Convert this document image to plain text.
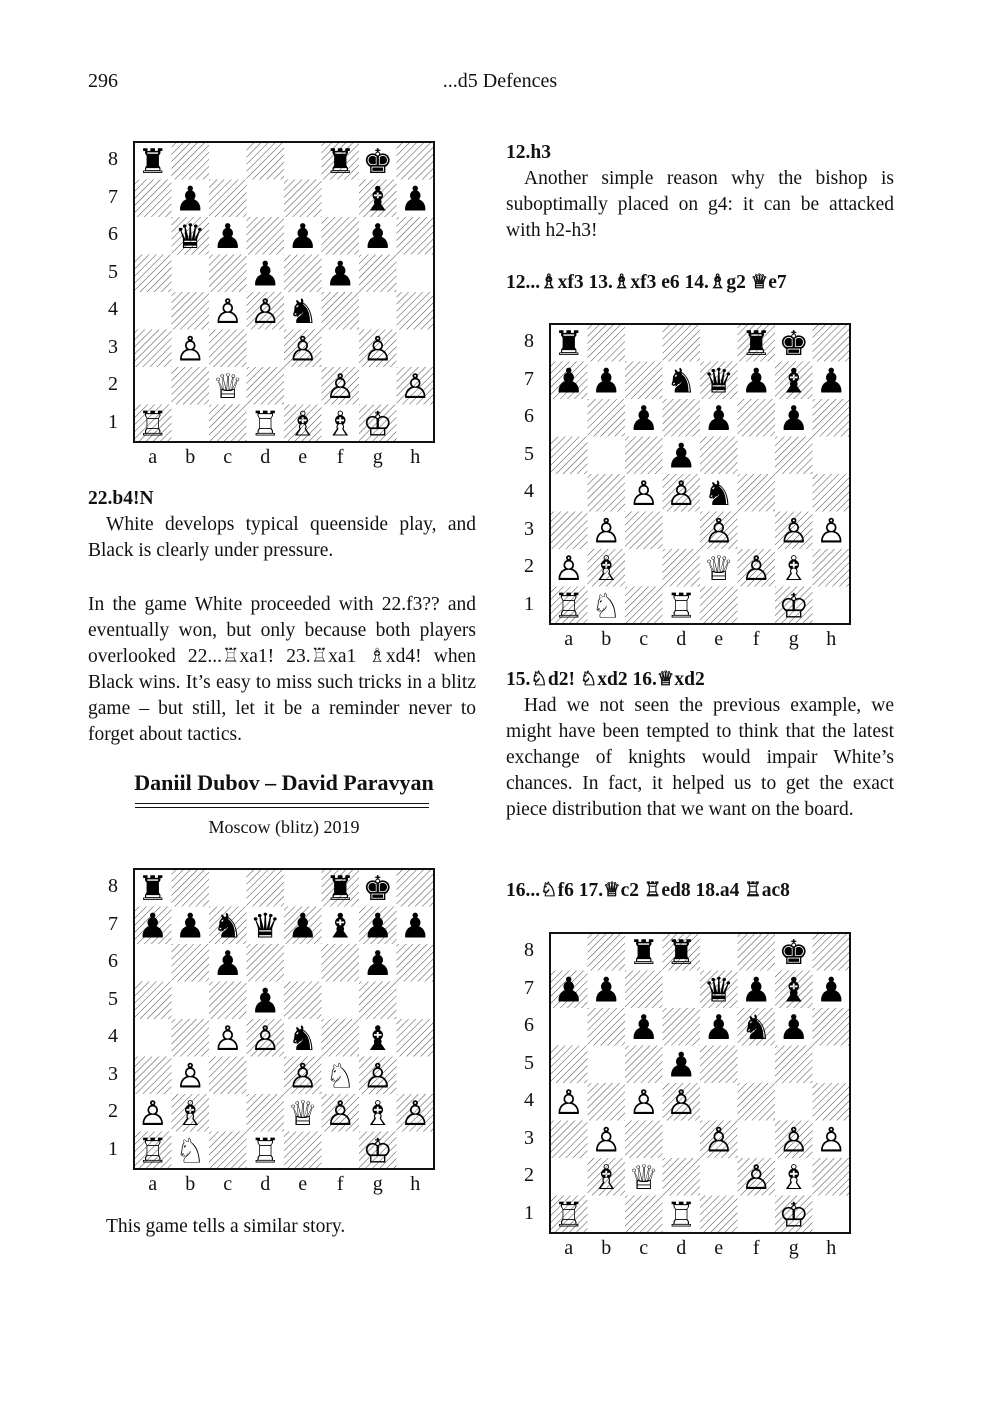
296	...d5 Defences
♜	♜ ♚
♟	♝ ♟
♛ ♟ ♟ ♟
♟ ♟
♙ ♙ ♞
♙ ♙ ♙
♕ ♙ ♙
♖ ♖ ♗ ♗ ♔
♜	♜ ♚
♟ ♟ ♞ ♛ ♟ ♝ ♟ ♟
♟	♟
♟
♙ ♙ ♞ ♝
♙ ♙ ♘ ♙
♙ ♗ ♕ ♙ ♗ ♙
♖ ♘ ♖ ♔
♜	♜ ♚
♟ ♟ ♞ ♛ ♟ ♝ ♟
♟ ♟ ♟
♟
♙ ♙ ♞
♙ ♙ ♙ ♙
♙ ♗ ♕ ♙ ♗
♖ ♘ ♖ ♔
♜ ♜ ♚
♟ ♟ ♛ ♟ ♝ ♟
♟ ♟ ♞ ♟
♟
♙ ♙ ♙
♙ ♙ ♙ ♙
♗ ♕ ♙ ♗
♖ ♖ ♔

22.b4!N

White develops typical queenside play, and Black is clearly under pressure.

In the game White proceeded with 22.f3?? and eventually won, but only because both players overlooked 22...♖xa1! 23.♖xa1 ♗xd4! when Black wins. It’s easy to miss such tricks in a blitz game – but still, let it be a reminder never to forget about tactics.

Daniil Dubov – David Paravyan
Moscow (blitz) 2019

This game tells a similar story.

12.h3

Another simple reason why the bishop is suboptimally placed on g4: it can be attacked with h2-h3!

12...♗xf3 13.♗xf3 e6 14.♗g2 ♕e7

15.♘d2! ♘xd2 16.♕xd2

Had we not seen the previous example, we might have been tempted to think that the latest exchange of knights would impair White’s chances. In fact, it helped us to get the exact piece distribution that we want on the board.

16...♘f6 17.♕c2 ♖ed8 18.a4 ♖ac8

8
7
6
5
4
3
2
1
a	b	c	d	e	f	g	h
8
7
6
5
4
3
2
1
a	b	c	d	e	f	g	h
8
7
6
5
4
3
2
1
a	b	c	d	e	f	g	h
8
7
6
5
4
3
2
1
a	b	c	d	e	f	g	h
